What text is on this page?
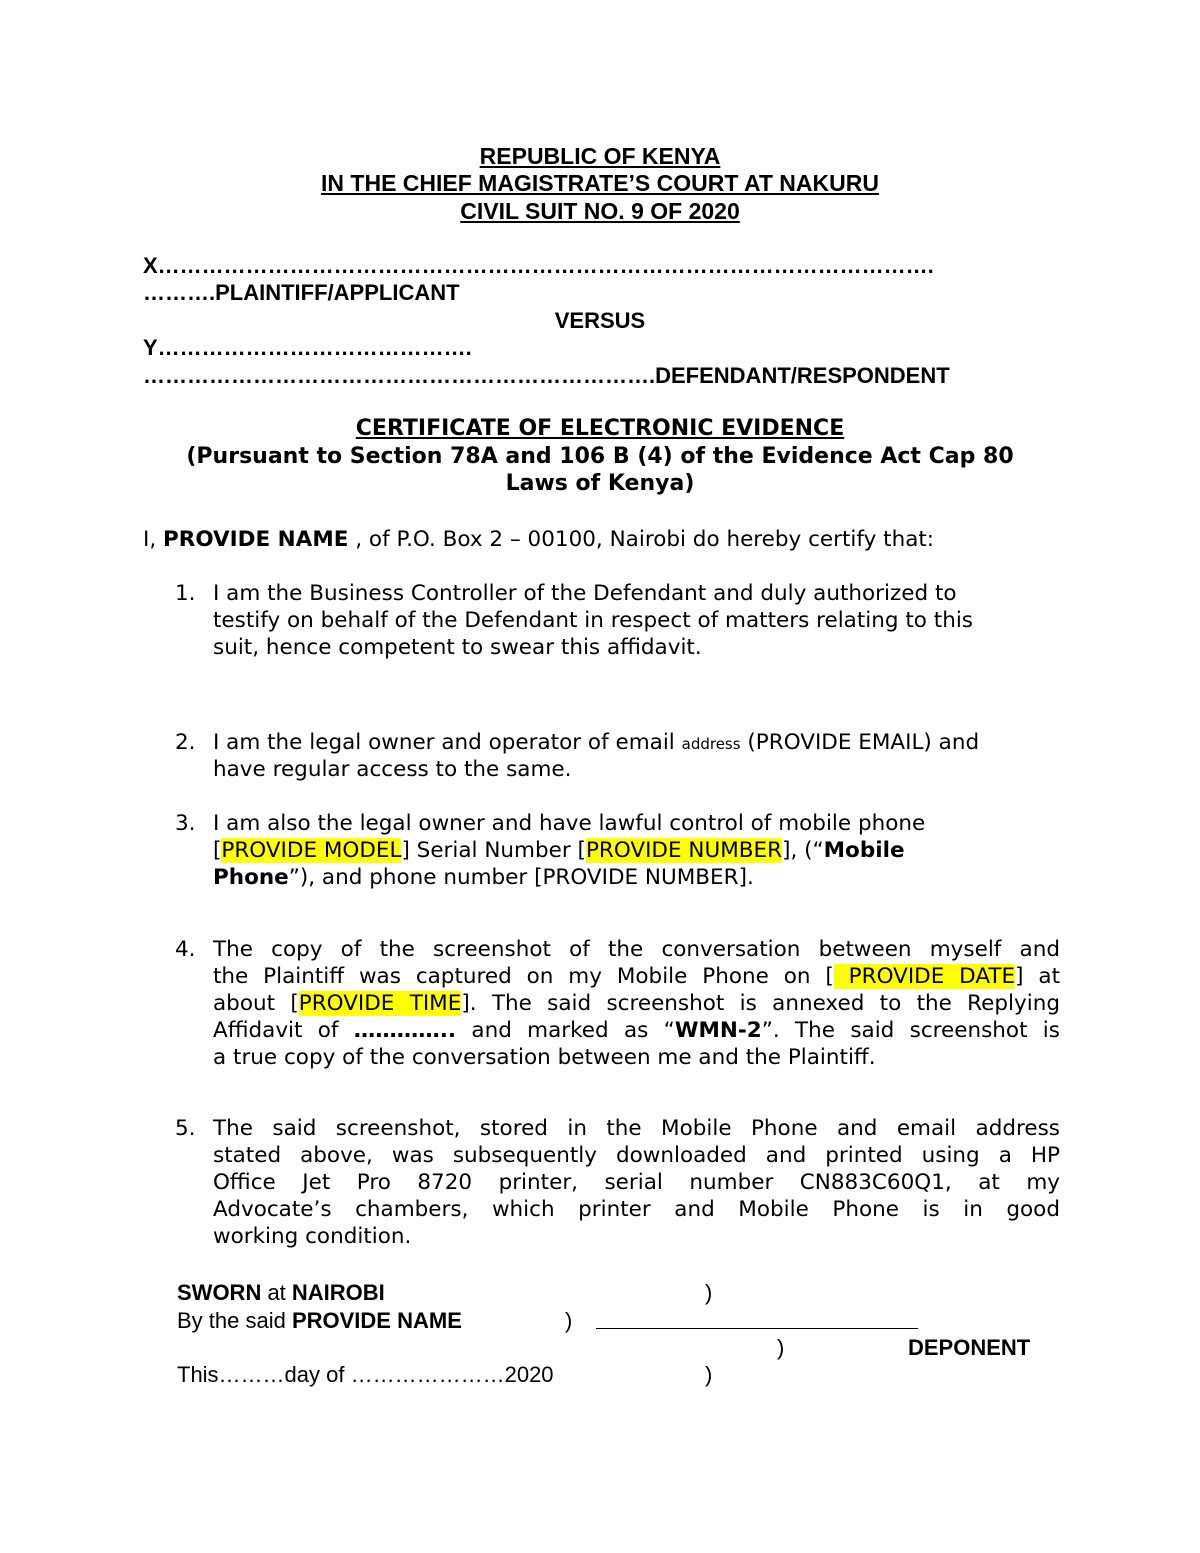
REPUBLIC OF KENYA
IN THE CHIEF MAGISTRATE’S COURT AT NAKURU
CIVIL SUIT NO. 9 OF 2020
X…………………………………………………………………………………………….
……….PLAINTIFF/APPLICANT
VERSUS
Y…………………………………….
…………………………………………………………….DEFENDANT/RESPONDENT
CERTIFICATE OF ELECTRONIC EVIDENCE
(Pursuant to Section 78A and 106 B (4) of the Evidence Act Cap 80
Laws of Kenya)
I, PROVIDE NAME , of P.O. Box 2 – 00100, Nairobi do hereby certify that:
1. I am the Business Controller of the Defendant and duly authorized to
testify on behalf of the Defendant in respect of matters relating to this
suit, hence competent to swear this affidavit.
2. I am the legal owner and operator of email address (PROVIDE EMAIL) and
have regular access to the same.
3. I am also the legal owner and have lawful control of mobile phone
[PROVIDE MODEL] Serial Number [PROVIDE NUMBER], (“Mobile
Phone”), and phone number [PROVIDE NUMBER].
4. The copy of the screenshot of the conversation between myself and
the Plaintiff was captured on my Mobile Phone on [ PROVIDE DATE] at
about [PROVIDE TIME]. The said screenshot is annexed to the Replying
Affidavit of ………….. and marked as “WMN-2”. The said screenshot is
a true copy of the conversation between me and the Plaintiff.
5. The said screenshot, stored in the Mobile Phone and email address
stated above, was subsequently downloaded and printed using a HP
Office Jet Pro 8720 printer, serial number CN883C60Q1, at my
Advocate’s chambers, which printer and Mobile Phone is in good
working condition.
SWORN at NAIROBI	)
By the said PROVIDE NAME	)
)	DEPONENT
This………day of …………………2020	)
